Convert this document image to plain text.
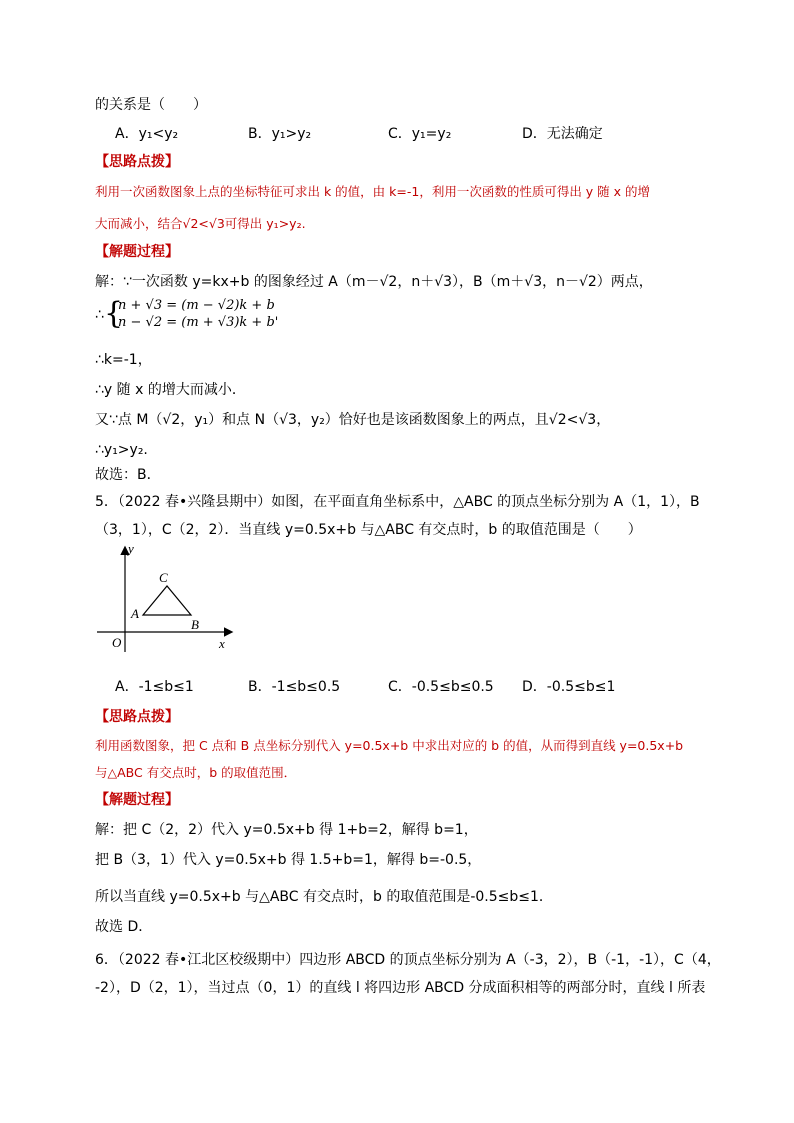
的关系是（　　）
A．y₁<y₂	B．y₁>y₂	C．y₁=y₂	D．无法确定
【思路点拨】
利用一次函数图象上点的坐标特征可求出 k 的值，由 k=-1，利用一次函数的性质可得出 y 随 x 的增
大而减小，结合√2<√3可得出 y₁>y₂.
【解题过程】
解：∵一次函数 y=kx+b 的图象经过 A（m－√2，n＋√3），B（m＋√3，n－√2）两点，
∴ {
n + √3 = (m − √2)k + b
n − √2 = (m + √3)k + b'
∴k=-1，
∴y 随 x 的增大而减小．
又∵点 M（√2，y₁）和点 N（√3，y₂）恰好也是该函数图象上的两点，且√2<√3，
∴y₁>y₂.
故选：B．
5．（2022 春•兴隆县期中）如图，在平面直角坐标系中，△ABC 的顶点坐标分别为 A（1，1），B
（3，1），C（2，2）．当直线 y=0.5x+b 与△ABC 有交点时，b 的取值范围是（　　）
y
x
O
A
B
C
A．-1≤b≤1	B．-1≤b≤0.5	C．-0.5≤b≤0.5 D．-0.5≤b≤1
【思路点拨】
利用函数图象，把 C 点和 B 点坐标分别代入 y=0.5x+b 中求出对应的 b 的值，从而得到直线 y=0.5x+b
与△ABC 有交点时，b 的取值范围．
【解题过程】
解：把 C（2，2）代入 y=0.5x+b 得 1+b=2，解得 b=1，
把 B（3，1）代入 y=0.5x+b 得 1.5+b=1，解得 b=-0.5，
所以当直线 y=0.5x+b 与△ABC 有交点时，b 的取值范围是-0.5≤b≤1．
故选 D．
6．（2022 春•江北区校级期中）四边形 ABCD 的顶点坐标分别为 A（-3，2），B（-1，-1），C（4，
-2），D（2，1），当过点（0，1）的直线 l 将四边形 ABCD 分成面积相等的两部分时，直线 l 所表
